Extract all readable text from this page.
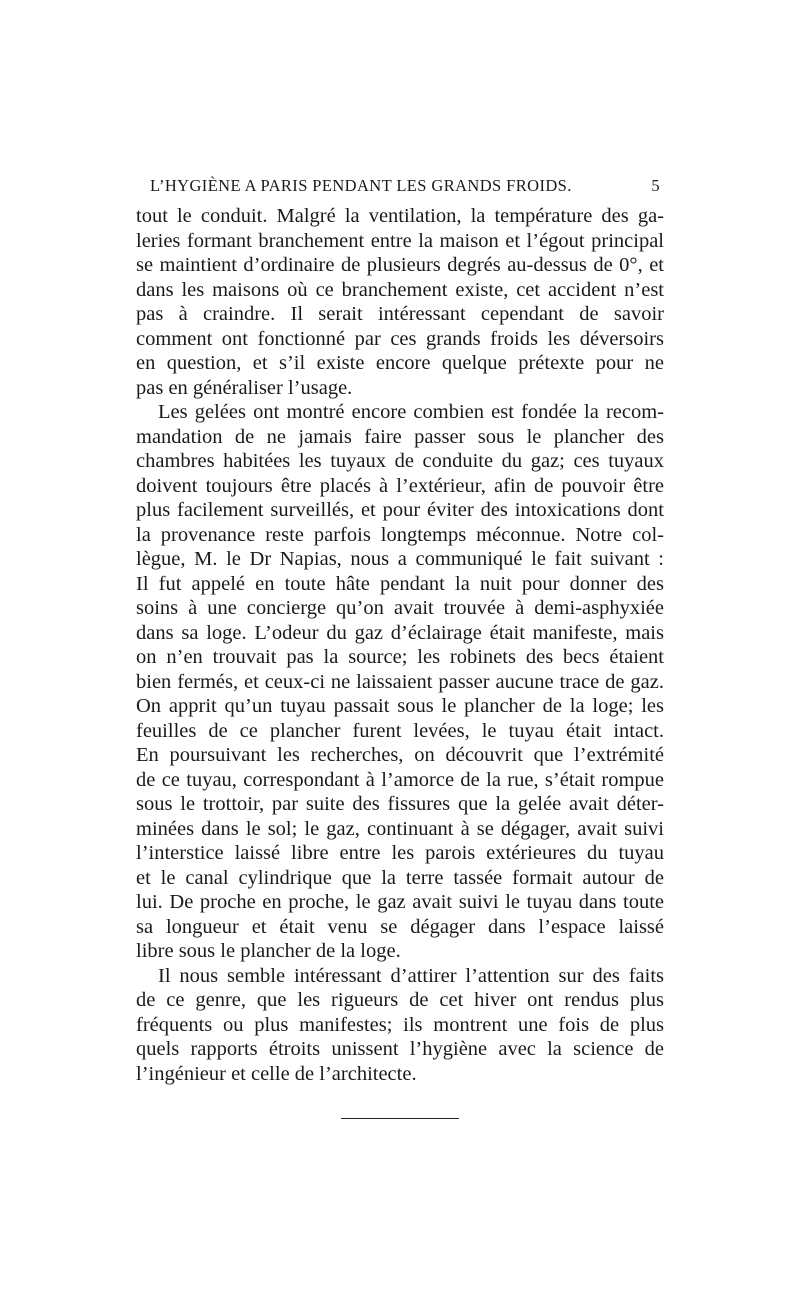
L’HYGIÈNE A PARIS PENDANT LES GRANDS FROIDS.	5
tout le conduit. Malgré la ventilation, la température des ga-
leries formant branchement entre la maison et l’égout principal
se maintient d’ordinaire de plusieurs degrés au-dessus de 0°, et
dans les maisons où ce branchement existe, cet accident n’est
pas à craindre. Il serait intéressant cependant de savoir
comment ont fonctionné par ces grands froids les déversoirs
en question, et s’il existe encore quelque prétexte pour ne
pas en généraliser l’usage.
Les gelées ont montré encore combien est fondée la recom-
mandation de ne jamais faire passer sous le plancher des
chambres habitées les tuyaux de conduite du gaz; ces tuyaux
doivent toujours être placés à l’extérieur, afin de pouvoir être
plus facilement surveillés, et pour éviter des intoxications dont
la provenance reste parfois longtemps méconnue. Notre col-
lègue, M. le Dr Napias, nous a communiqué le fait suivant :
Il fut appelé en toute hâte pendant la nuit pour donner des
soins à une concierge qu’on avait trouvée à demi-asphyxiée
dans sa loge. L’odeur du gaz d’éclairage était manifeste, mais
on n’en trouvait pas la source; les robinets des becs étaient
bien fermés, et ceux-ci ne laissaient passer aucune trace de gaz.
On apprit qu’un tuyau passait sous le plancher de la loge; les
feuilles de ce plancher furent levées, le tuyau était intact.
En poursuivant les recherches, on découvrit que l’extrémité
de ce tuyau, correspondant à l’amorce de la rue, s’était rompue
sous le trottoir, par suite des fissures que la gelée avait déter-
minées dans le sol; le gaz, continuant à se dégager, avait suivi
l’interstice laissé libre entre les parois extérieures du tuyau
et le canal cylindrique que la terre tassée formait autour de
lui. De proche en proche, le gaz avait suivi le tuyau dans toute
sa longueur et était venu se dégager dans l’espace laissé
libre sous le plancher de la loge.
Il nous semble intéressant d’attirer l’attention sur des faits
de ce genre, que les rigueurs de cet hiver ont rendus plus
fréquents ou plus manifestes; ils montrent une fois de plus
quels rapports étroits unissent l’hygiène avec la science de
l’ingénieur et celle de l’architecte.
